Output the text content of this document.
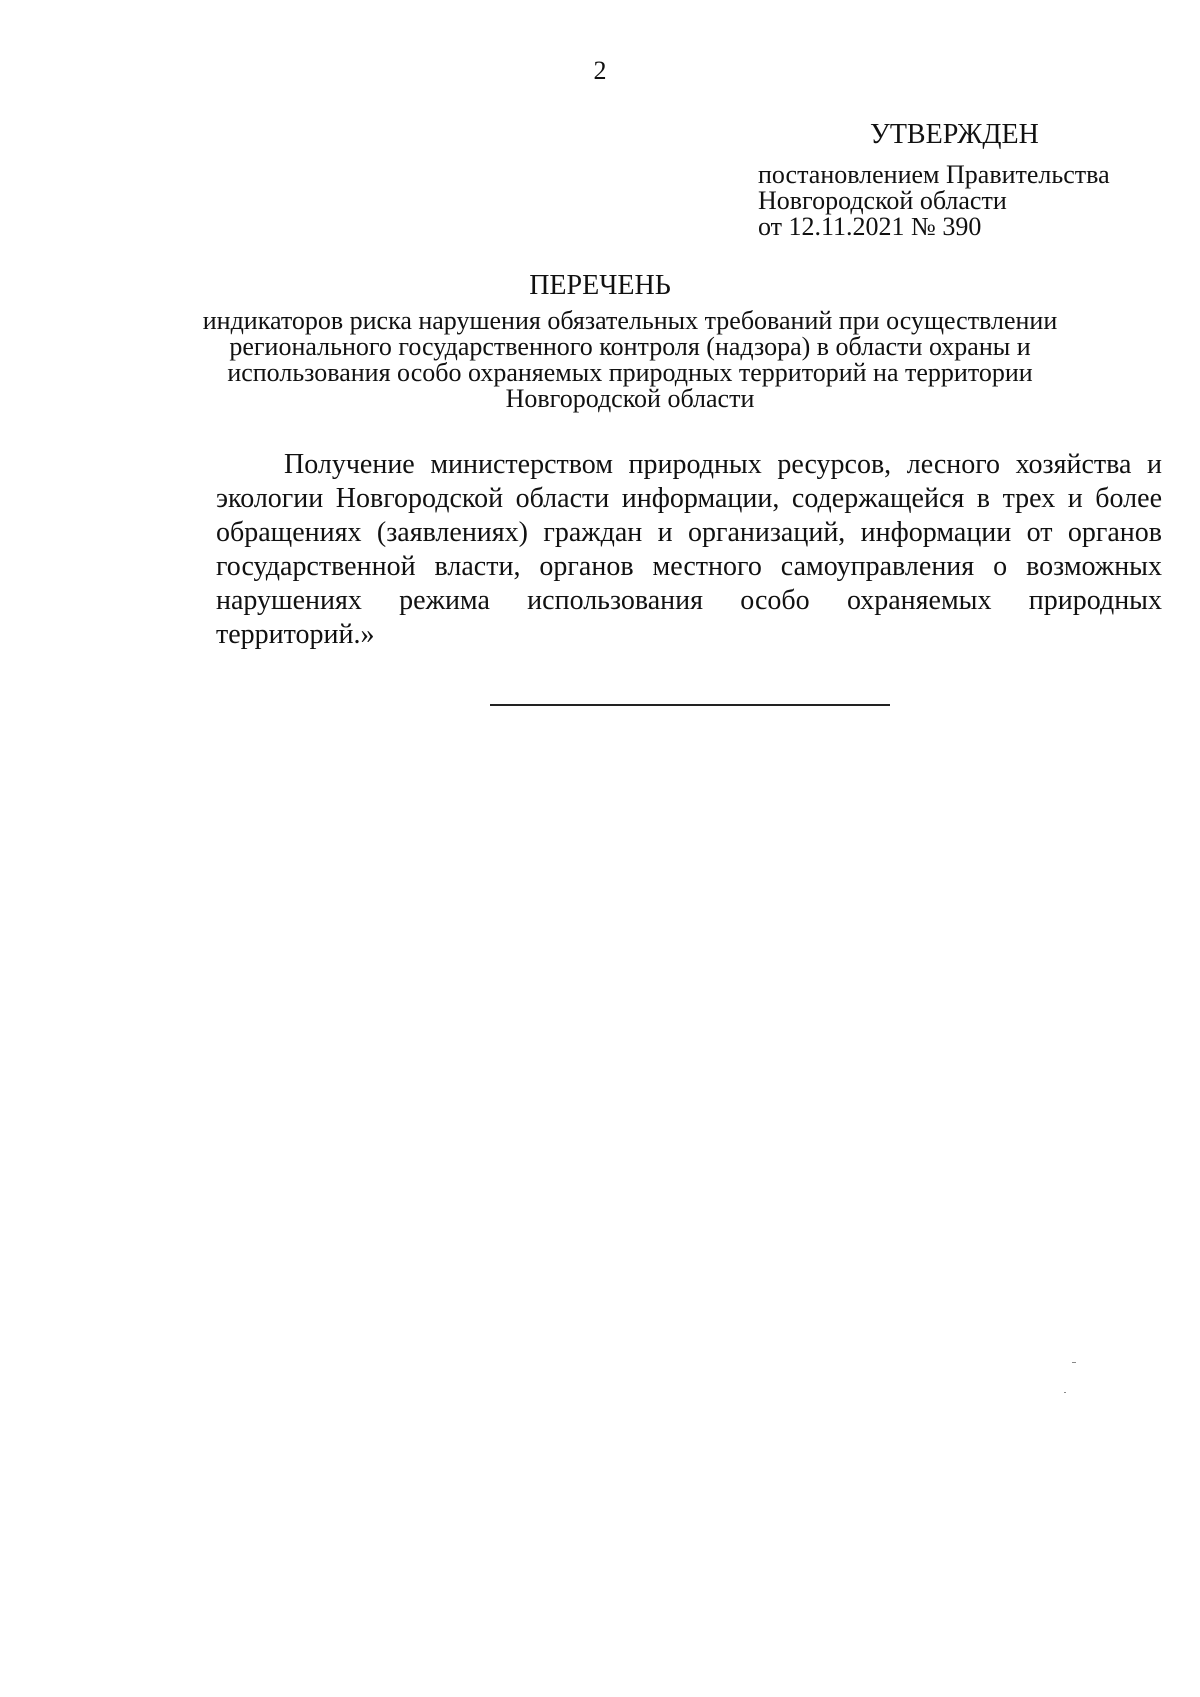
2
УТВЕРЖДЕН
постановлением Правительства
Новгородской области
от 12.11.2021 № 390
ПЕРЕЧЕНЬ
индикаторов риска нарушения обязательных требований при осуществлении
регионального государственного контроля (надзора) в области охраны и
использования особо охраняемых природных территорий на территории
Новгородской области

Получение министерством природных ресурсов, лесного хозяйства и экологии Новгородской области информации, содержащейся в трех и более обращениях (заявлениях) граждан и организаций, информации от органов государственной власти, органов местного самоуправления о возможных нарушениях режима использования особо охраняемых природных территорий.»
